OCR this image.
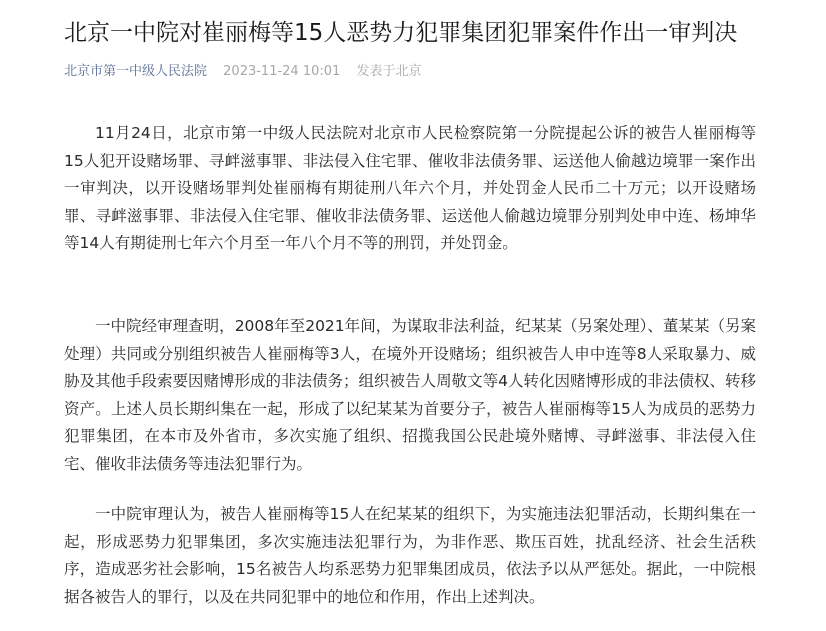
北京一中院对崔丽梅等15人恶势力犯罪集团犯罪案件作出一审判决
北京市第一中级人民法院 2023-11-24 10:01 发表于北京

11月24日，北京市第一中级人民法院对北京市人民检察院第一分院提起公诉的被告人崔丽梅等15人犯开设赌场罪、寻衅滋事罪、非法侵入住宅罪、催收非法债务罪、运送他人偷越边境罪一案作出一审判决，以开设赌场罪判处崔丽梅有期徒刑八年六个月，并处罚金人民币二十万元；以开设赌场罪、寻衅滋事罪、非法侵入住宅罪、催收非法债务罪、运送他人偷越边境罪分别判处申中连、杨坤华等14人有期徒刑七年六个月至一年八个月不等的刑罚，并处罚金。

一中院经审理查明，2008年至2021年间，为谋取非法利益，纪某某（另案处理）、董某某（另案处理）共同或分别组织被告人崔丽梅等3人，在境外开设赌场；组织被告人申中连等8人采取暴力、威胁及其他手段索要因赌博形成的非法债务；组织被告人周敬文等4人转化因赌博形成的非法债权、转移资产。上述人员长期纠集在一起，形成了以纪某某为首要分子，被告人崔丽梅等15人为成员的恶势力犯罪集团，在本市及外省市，多次实施了组织、招揽我国公民赴境外赌博、寻衅滋事、非法侵入住宅、催收非法债务等违法犯罪行为。

一中院审理认为，被告人崔丽梅等15人在纪某某的组织下，为实施违法犯罪活动，长期纠集在一起，形成恶势力犯罪集团，多次实施违法犯罪行为，为非作恶、欺压百姓，扰乱经济、社会生活秩序，造成恶劣社会影响，15名被告人均系恶势力犯罪集团成员，依法予以从严惩处。据此，一中院根据各被告人的罪行，以及在共同犯罪中的地位和作用，作出上述判决。
